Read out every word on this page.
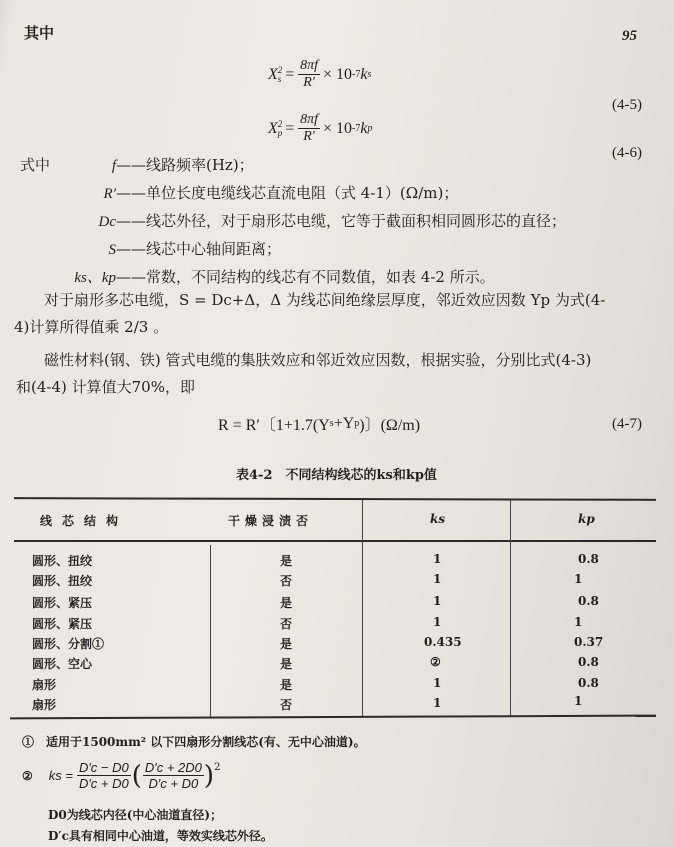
其中	95
X 2
$s = \frac{8\pi f}{R'} \times 10$ -7 k s
(4-5)
X 2
$p = \frac{8\pi f}{R'} \times 10$ -7 k p
(4-6)
式中	f——线路频率(Hz)；
R′——单位长度电缆线芯直流电阻（式 4-1）(Ω/m)；
Dc——线芯外径，对于扇形芯电缆，它等于截面积相同圆形芯的直径；
S——线芯中心轴间距离；
ks、kp——常数，不同结构的线芯有不同数值，如表 4-2 所示。
对于扇形多芯电缆，S = Dc+Δ，Δ 为线芯间绝缘层厚度，邻近效应因数 Yp 为式(4-
4)计算所得值乘 2/3 。
磁性材料(钢、铁) 管式电缆的集肤效应和邻近效应因数，根据实验，分别比式(4-3)
和(4-4) 计算值大70%，即
R = R′〔1+1.7(Y s +Y p )〕(Ω/m)	(4-7)
表4-2　不同结构线芯的ks和kp值
线芯结构	干燥浸渍否	ks	kp
圆形、扭绞	是	1	0.8
圆形、扭绞	否	1	1
圆形、紧压	是	1	0.8
圆形、紧压	否	1	1
圆形、分割①	是	0.435	0.37
圆形、空心	是	②	0.8
扇形	是	1	0.8
扇形	否	1	1
①　适用于1500mm² 以下四扇形分割线芯(有、无中心油道)。
② ks = $\frac{D'c - D0}{D'c + D0}$ ( $\frac{D'c + 2D0}{D'c + D0}$ ) 2
D0为线芯内径(中心油道直径)；
D′c具有相同中心油道，等效实线芯外径。
